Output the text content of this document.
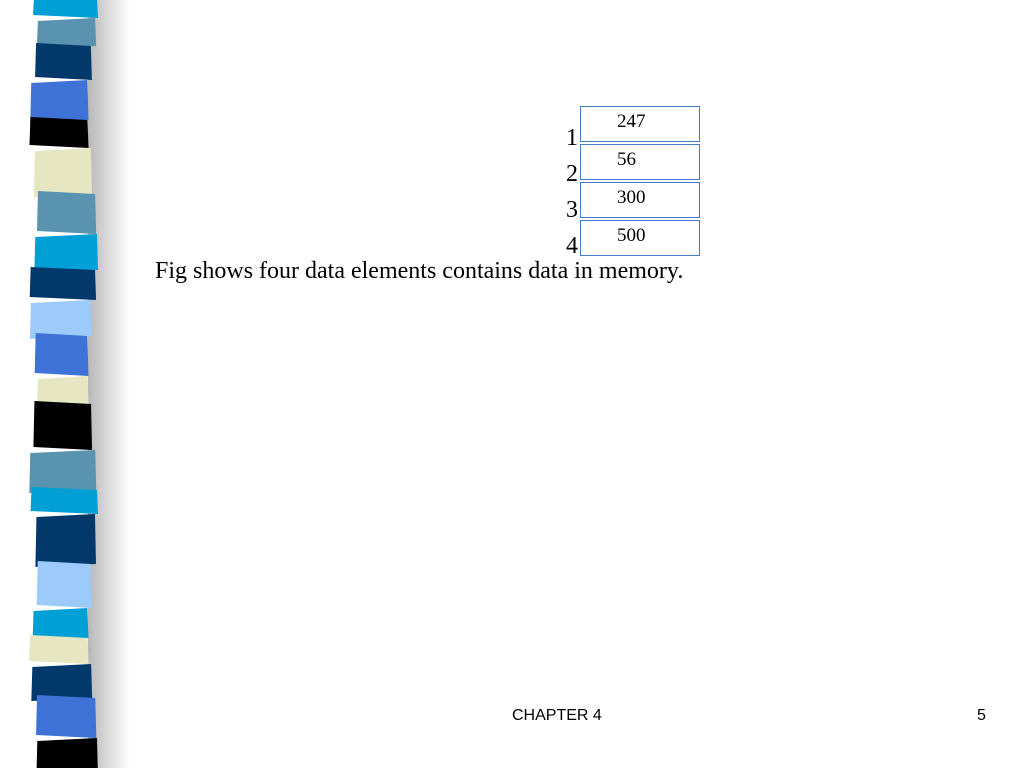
1
2
3
4
247
56
300
500
Fig shows four data elements contains data in memory.
CHAPTER 4	5
